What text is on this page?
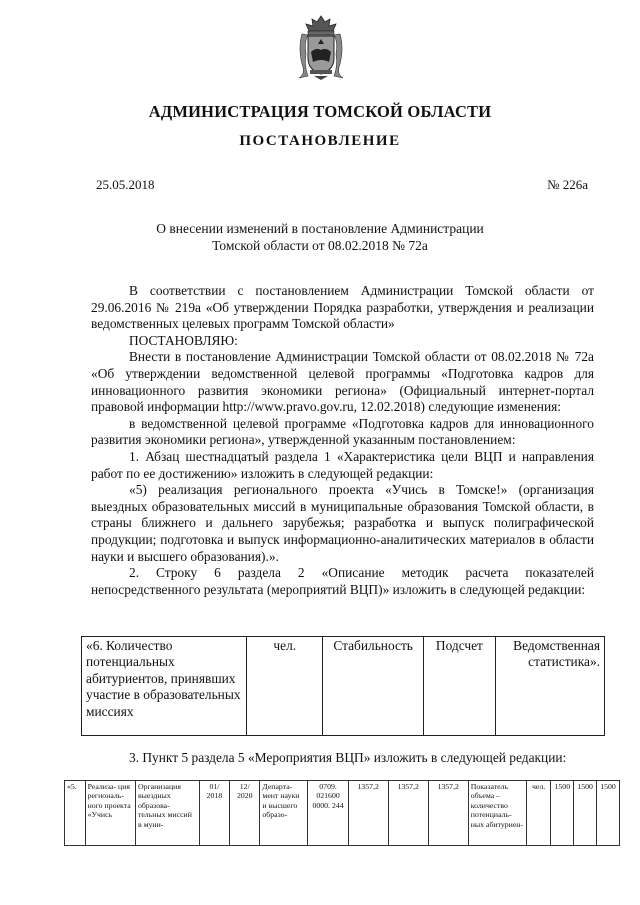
АДМИНИСТРАЦИЯ ТОМСКОЙ ОБЛАСТИ
ПОСТАНОВЛЕНИЕ
25.05.2018	№ 226а
О внесении изменений в постановление Администрации
Томской области от 08.02.2018 № 72а

В соответствии с постановлением Администрации Томской области от 29.06.2016 № 219а «Об утверждении Порядка разработки, утверждения и реализации ведомственных целевых программ Томской области»

ПОСТАНОВЛЯЮ:

Внести в постановление Администрации Томской области от 08.02.2018 № 72а «Об утверждении ведомственной целевой программы «Подготовка кадров для инновационного развития экономики региона» (Официальный интернет-портал правовой информации http://www.pravo.gov.ru, 12.02.2018) следующие изменения:

в ведомственной целевой программе «Подготовка кадров для инновационного развития экономики региона», утвержденной указанным постановлением:

1. Абзац шестнадцатый раздела 1 «Характеристика цели ВЦП и направления работ по ее достижению» изложить в следующей редакции:

«5) реализация регионального проекта «Учись в Томске!» (организация выездных образовательных миссий в муниципальные образования Томской области, в страны ближнего и дальнего зарубежья; разработка и выпуск полиграфической продукции; подготовка и выпуск информационно-аналитических материалов в области науки и высшего образования).».

2. Строку 6 раздела 2 «Описание методик расчета показателей непосредственного результата (мероприятий ВЦП)» изложить в следующей редакции:

«6. Количество потенциальных абитуриентов, принявших участие в образовательных миссиях	чел.	Стабильность	Подсчет	Ведомственная статистика».
3. Пункт 5 раздела 5 «Мероприятия ВЦП» изложить в следующей редакции:
«5.	Реализа- ция региональ- ного проекта «Учись	Организация выездных образова- тельных миссий в муни-	01/ 2018	12/ 2020	Департа- мент науки и высшего образо-	0709. 021600 0000. 244	1357,2	1357,2	1357,2	Показатель объема – количество потенциаль- ных абитуриен-	чел.	1500	1500	1500
